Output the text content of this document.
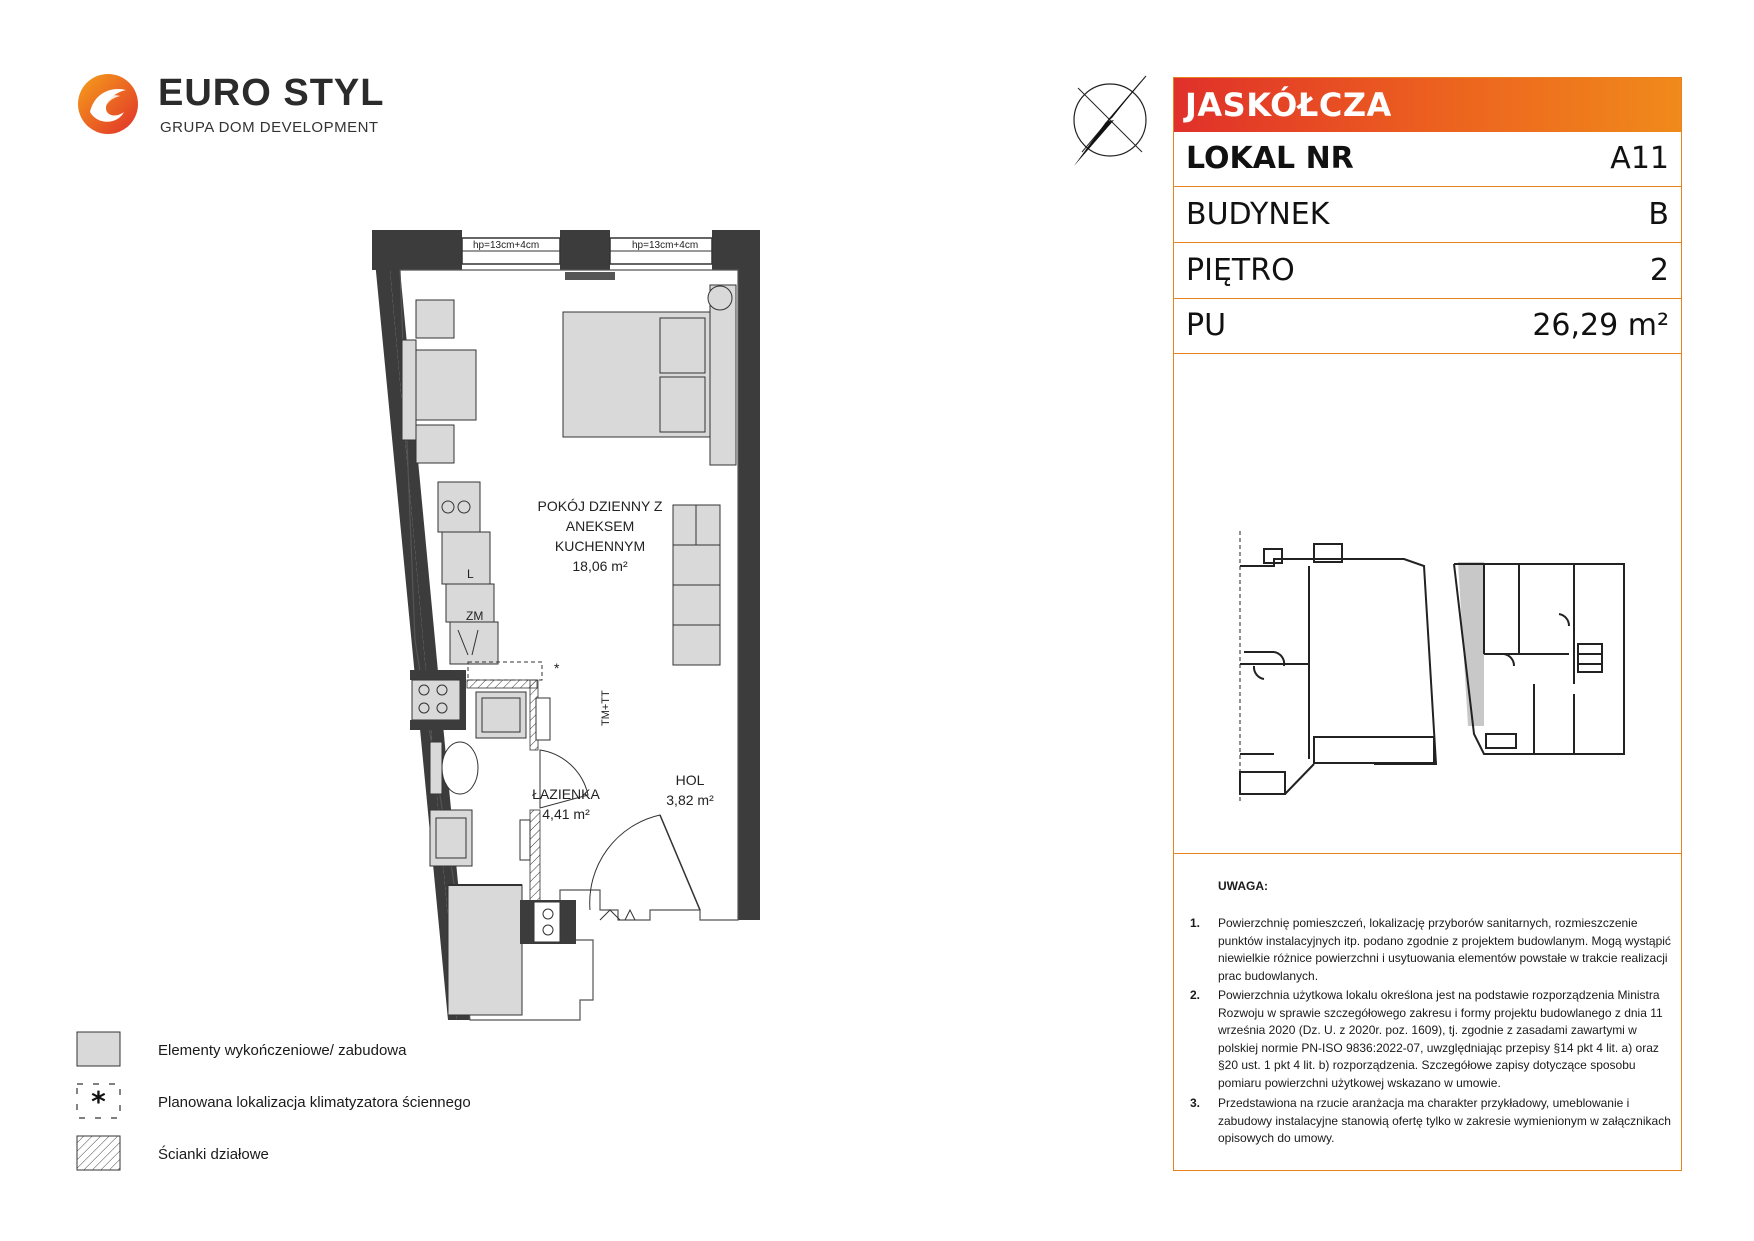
EURO STYL
GRUPA DOM DEVELOPMENT
hp=13cm+4cm	hp=13cm+4cm
POKÓJ DZIENNY Z
ANEKSEM
KUCHENNYM
18,06 m²
L
ZM
*
TM+TT
ŁAZIENKA
4,41 m²
HOL
3,82 m²
Elementy wykończeniowe/ zabudowa
*	Planowana lokalizacja klimatyzatora ściennego
Ścianki działowe
JASKÓŁCZA
LOKAL NR	A11
BUDYNEK	B
PIĘTRO	2
PU	26,29 m²
UWAGA:
1. Powierzchnię pomieszczeń, lokalizację przyborów sanitarnych, rozmieszczenie punktów instalacyjnych itp. podano zgodnie z projektem budowlanym. Mogą wystąpić niewielkie różnice powierzchni i usytuowania elementów powstałe w trakcie realizacji prac budowlanych.
2. Powierzchnia użytkowa lokalu określona jest na podstawie rozporządzenia Ministra Rozwoju w sprawie szczegółowego zakresu i formy projektu budowlanego z dnia 11 września 2020 (Dz. U. z 2020r. poz. 1609), tj. zgodnie z zasadami zawartymi w polskiej normie PN-ISO 9836:2022-07, uwzględniając przepisy §14 pkt 4 lit. a) oraz §20 ust. 1 pkt 4 lit. b) rozporządzenia. Szczegółowe zapisy dotyczące sposobu pomiaru powierzchni użytkowej wskazano w umowie.
3. Przedstawiona na rzucie aranżacja ma charakter przykładowy, umeblowanie i zabudowy instalacyjne stanowią ofertę tylko w zakresie wymienionym w załącznikach opisowych do umowy.
